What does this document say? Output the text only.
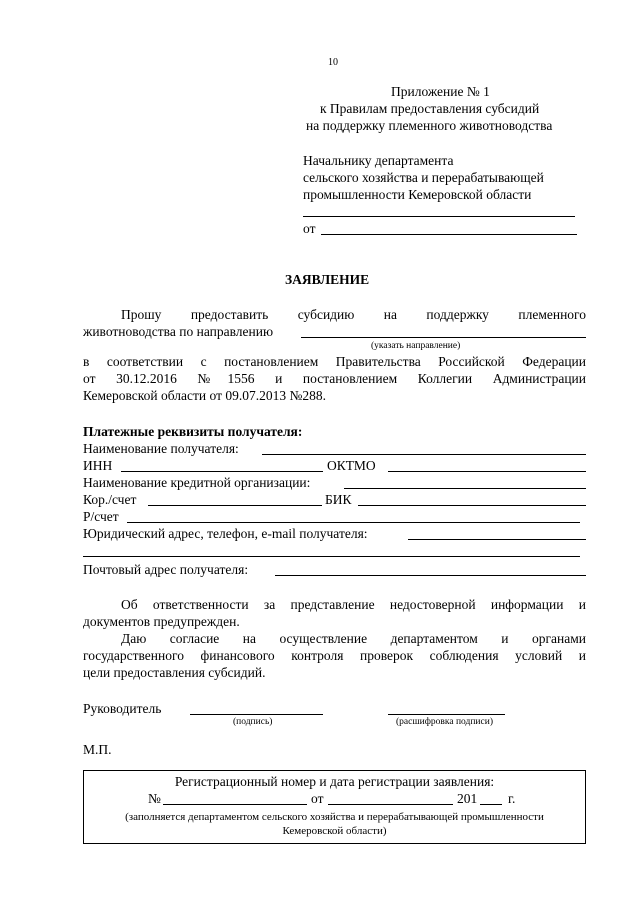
10
Приложение № 1
к Правилам предоставления субсидий
на поддержку племенного животноводства
Начальнику департамента
сельского хозяйства и перерабатывающей
промышленности Кемеровской области
от
ЗАЯВЛЕНИЕ
Прошу предоставить субсидию на поддержку племенного
животноводства по направлению
(указать направление)
в соответствии с постановлением Правительства Российской Федерации
от 30.12.2016 №1556 и постановлением Коллегии Администрации
Кемеровской области от 09.07.2013 №288.
Платежные реквизиты получателя:
Наименование получателя:
ИНН	ОКТМО
Наименование кредитной организации:
Кор./счет	БИК
Р/счет
Юридический адрес, телефон, e-mail получателя:
Почтовый адрес получателя:
Об ответственности за представление недостоверной информации и
документов предупрежден.
Даю согласие на осуществление департаментом и органами
государственного финансового контроля проверок соблюдения условий и
цели предоставления субсидий.
Руководитель
(подпись)	(расшифровка подписи)
М.П.
Регистрационный номер и дата регистрации заявления:
№	от	201 г.
(заполняется департаментом сельского хозяйства и перерабатывающей промышленности
Кемеровской области)
